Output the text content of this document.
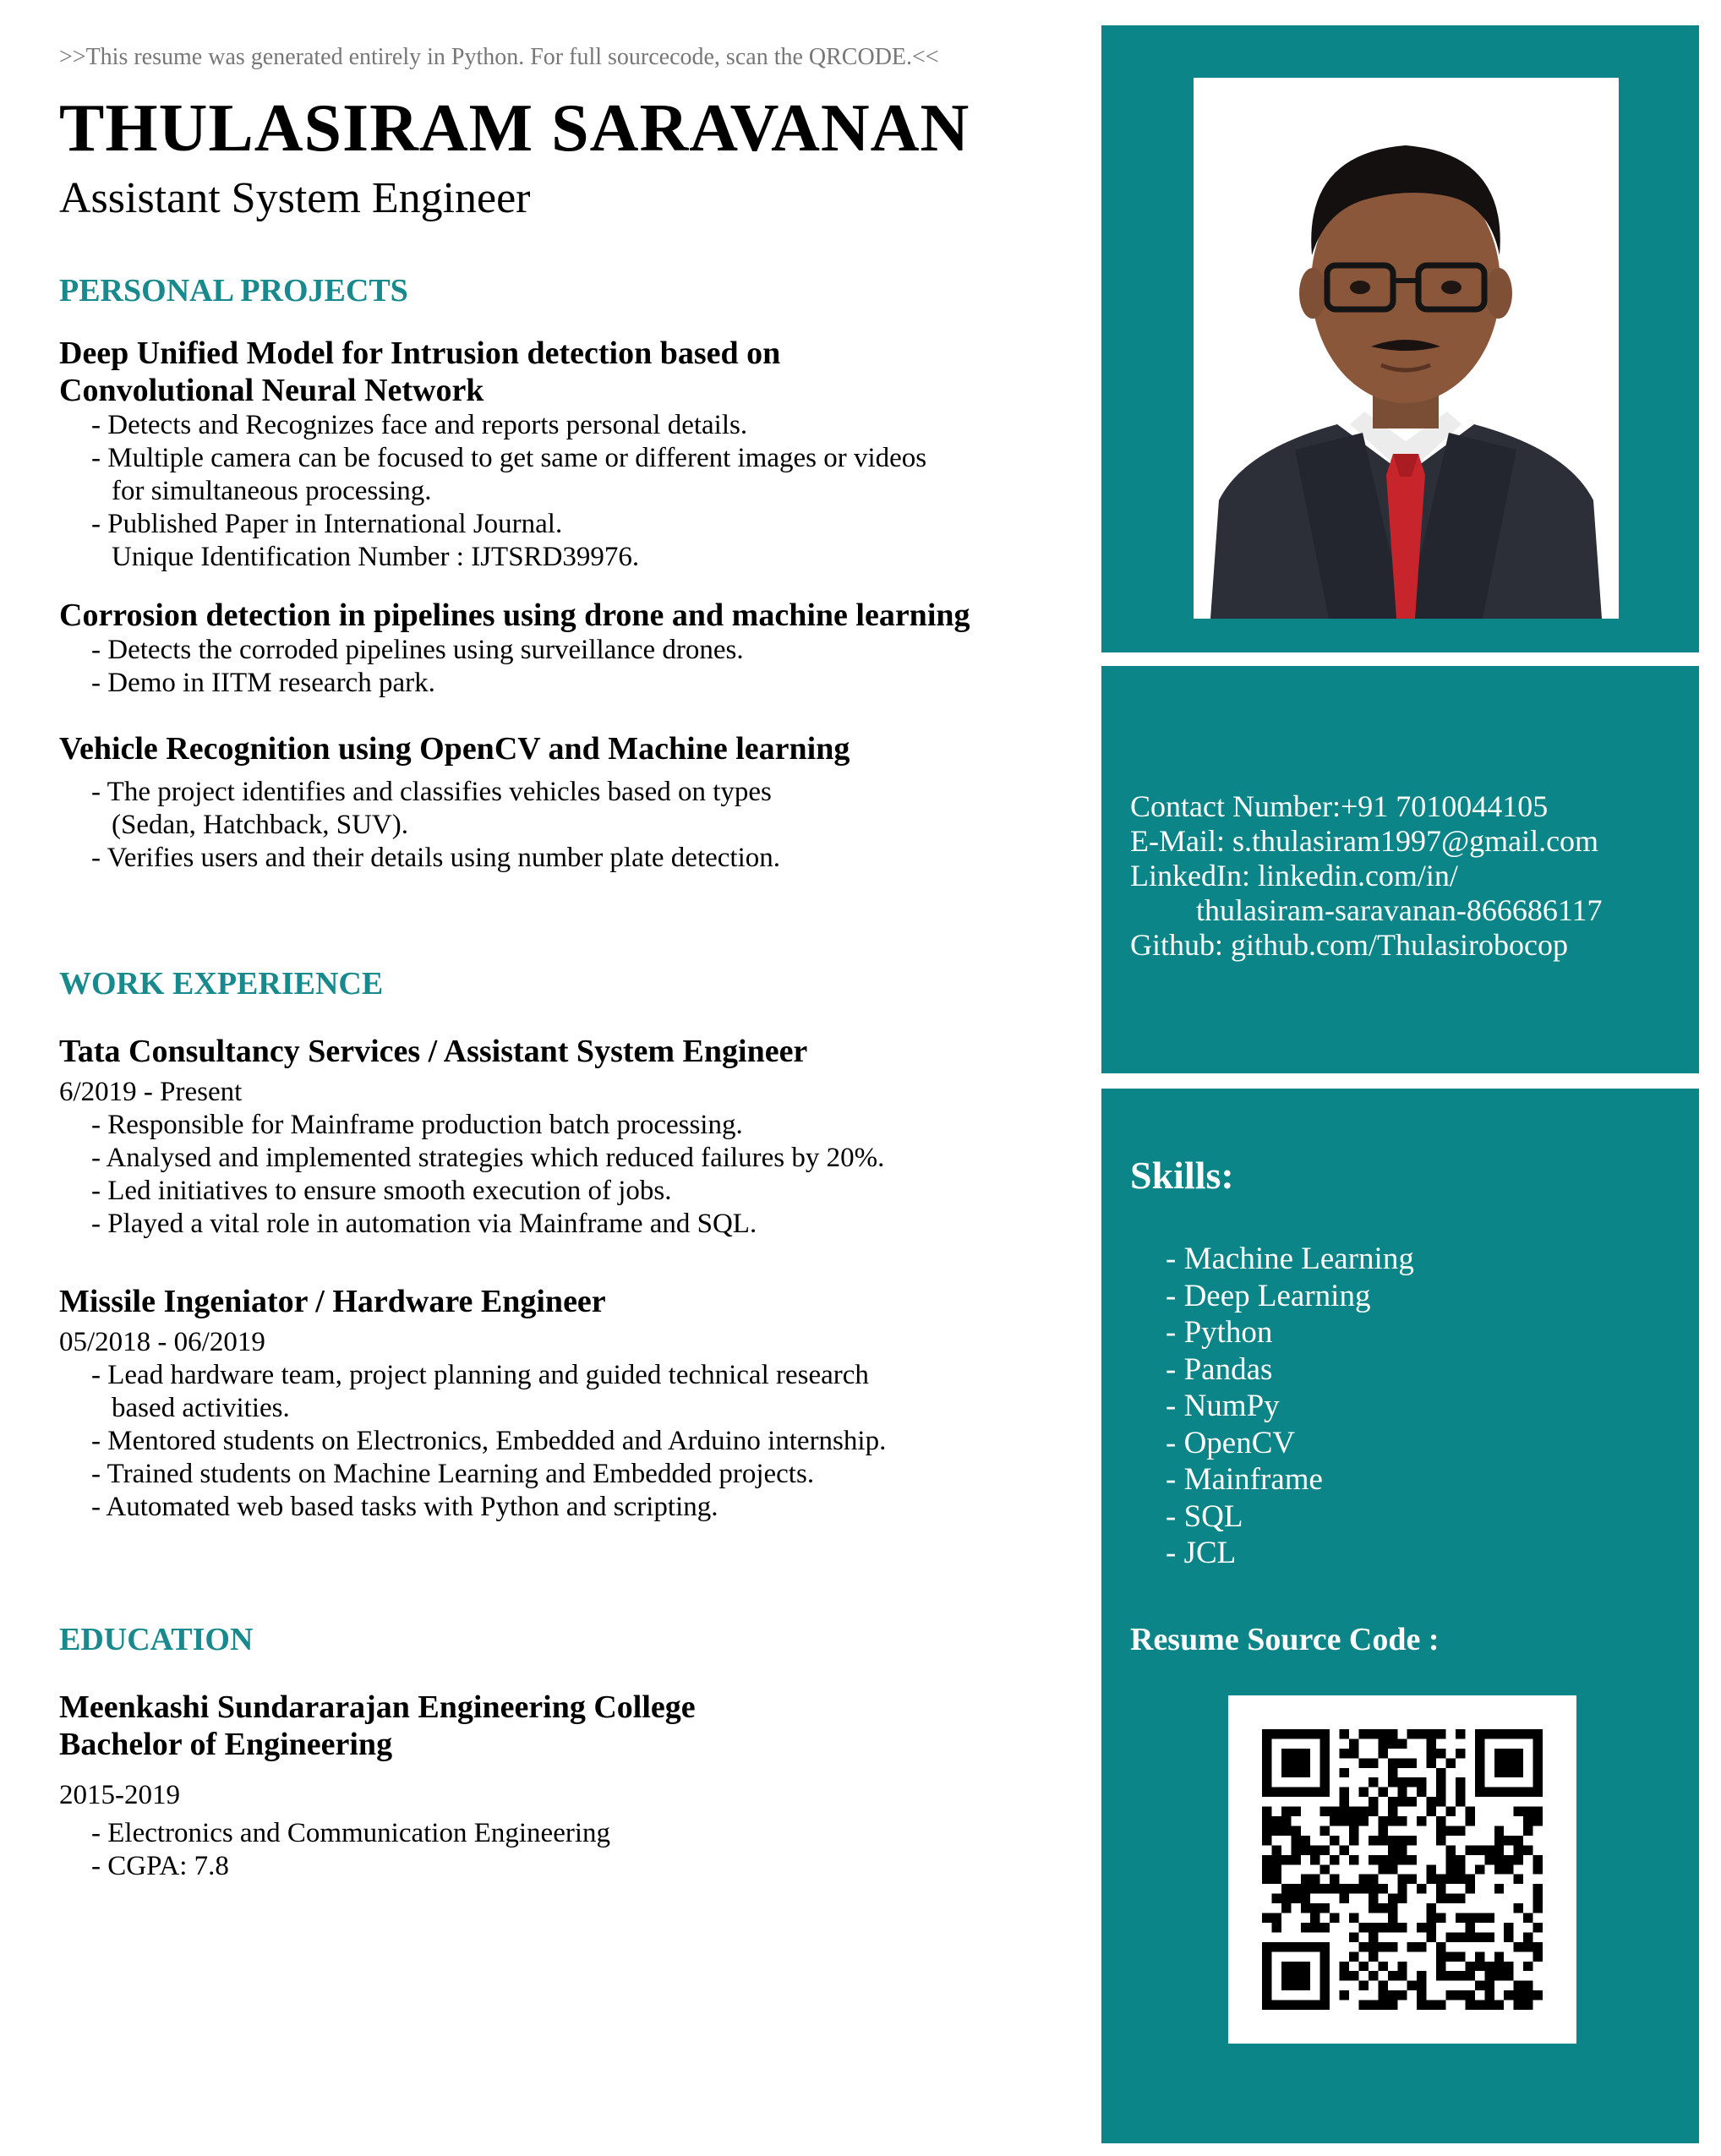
>>This resume was generated entirely in Python. For full sourcecode, scan the QRCODE.<<
THULASIRAM SARAVANAN
Assistant System Engineer
PERSONAL PROJECTS

Deep Unified Model for Intrusion detection based on
Convolutional Neural Network

- Detects and Recognizes face and reports personal details.
- Multiple camera can be focused to get same or different images or videos
for simultaneous processing.
- Published Paper in International Journal.
Unique Identification Number : IJTSRD39976.

Corrosion detection in pipelines using drone and machine learning

- Detects the corroded pipelines using surveillance drones.
- Demo in IITM research park.

Vehicle Recognition using OpenCV and Machine learning

- The project identifies and classifies vehicles based on types
(Sedan, Hatchback, SUV).
- Verifies users and their details using number plate detection.
WORK EXPERIENCE

Tata Consultancy Services / Assistant System Engineer

6/2019 - Present

- Responsible for Mainframe production batch processing.
- Analysed and implemented strategies which reduced failures by 20%.
- Led initiatives to ensure smooth execution of jobs.
- Played a vital role in automation via Mainframe and SQL.

Missile Ingeniator / Hardware Engineer

05/2018 - 06/2019

- Lead hardware team, project planning and guided technical research
based activities.
- Mentored students on Electronics, Embedded and Arduino internship.
- Trained students on Machine Learning and Embedded projects.
- Automated web based tasks with Python and scripting.
EDUCATION

Meenkashi Sundararajan Engineering College

Bachelor of Engineering

2015-2019

- Electronics and Communication Engineering
- CGPA: 7.8
Contact Number:+91 7010044105
E-Mail: s.thulasiram1997@gmail.com
LinkedIn: linkedin.com/in/
thulasiram-saravanan-866686117
Github: github.com/Thulasirobocop
Skills:
- Machine Learning
- Deep Learning
- Python
- Pandas
- NumPy
- OpenCV
- Mainframe
- SQL
- JCL
Resume Source Code :
